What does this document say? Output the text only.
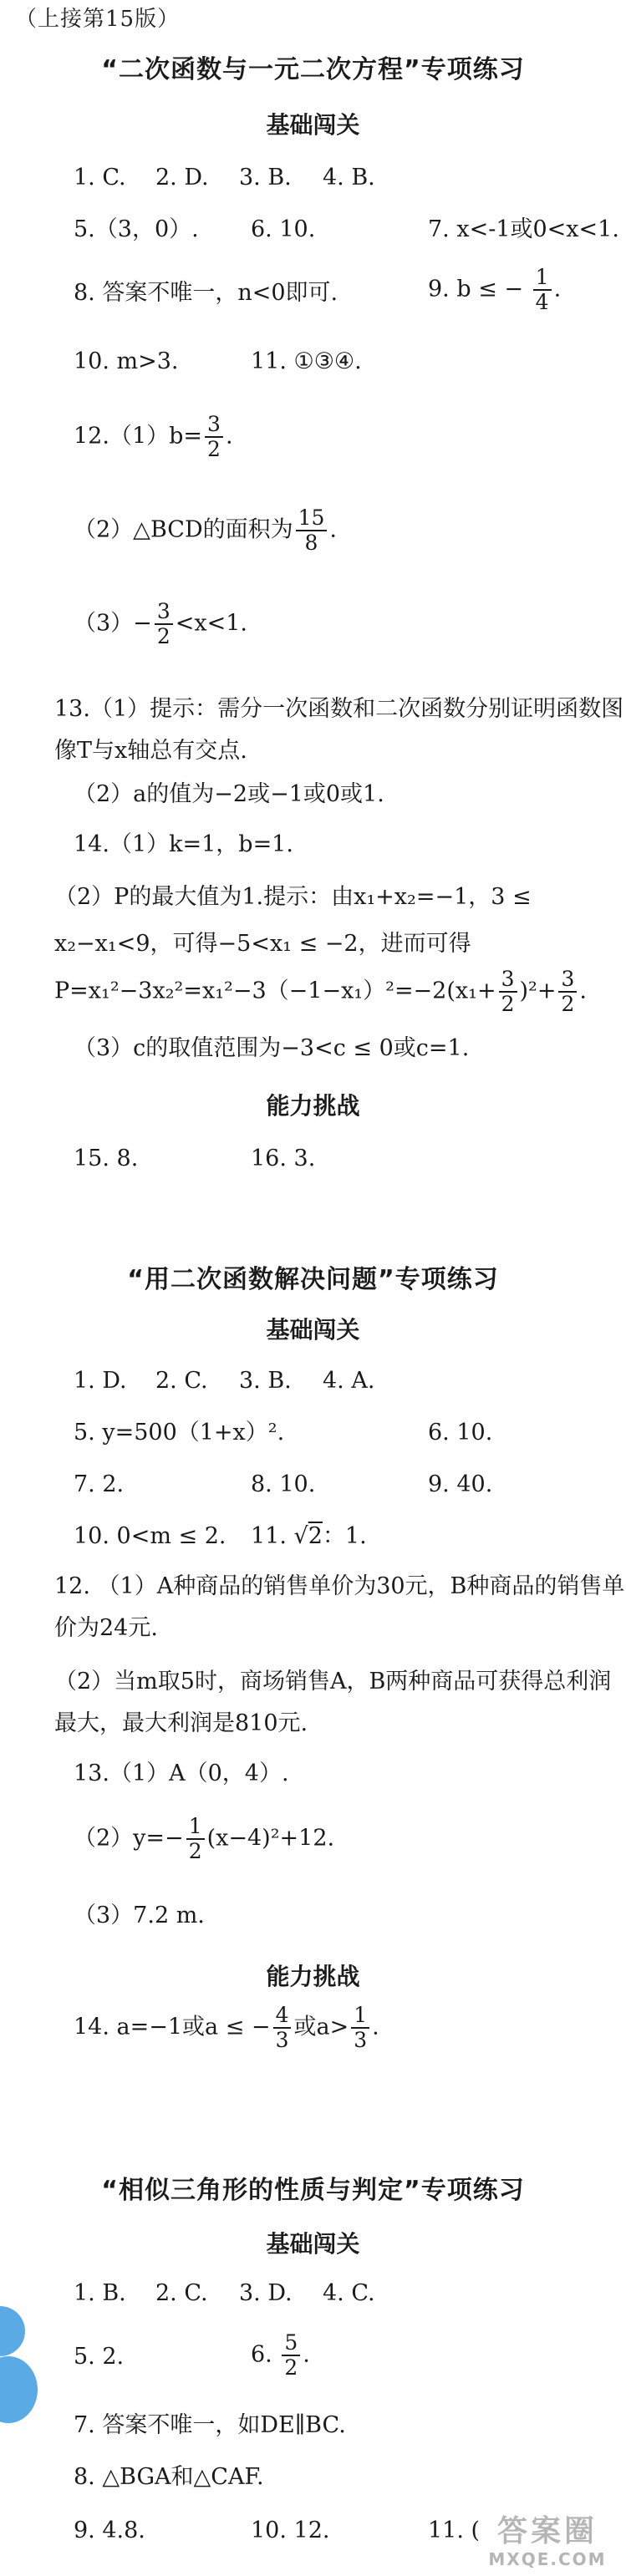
（上接第15版）
“二次函数与一元二次方程”专项练习
基础闯关
1. C. 2. D. 3. B. 4. B.
5.（3，0）. 6. 10.	7. x<-1或0<x<1.
8. 答案不唯一，n<0即可.	9. b ≤ − $\frac{1}{4}$ .
10. m>3.	11. ①③④.
$12.(1)b= \frac{3}{2}$ .
（2）△BCD的面积为 $\frac{15}{8}$ .
$(3)- \frac{3}{2} <x<1$.
13.（1）提示：需分一次函数和二次函数分别证明函数图像T与x轴总有交点.
（2）a的值为−2或−1或0或1.
14.（1）k=1，b=1.
（2）P的最大值为1.提示：由x₁+x₂=−1，3 ≤ x₂−x₁<9，可得−5<x₁ ≤ −2，进而可得$P=x_1^2-3x_2^2=x_1^2-3(-1-x_1)^2=-2(x_1+ \frac{3}{2} )^2+ \frac{3}{2}$ .
（3）c的取值范围为−3<c ≤ 0或c=1.
能力挑战
15. 8.	16. 3.
“用二次函数解决问题”专项练习
基础闯关
1. D. 2. C. 3. B. 4. A.
5. y=500（1+x）².	6. 10.
7. 2.	8. 10.	9. 40.
10. 0<m ≤ 2. 11. √2：1.
12. （1）A种商品的销售单价为30元，B种商品的销售单价为24元.
（2）当m取5时，商场销售A，B两种商品可获得总利润最大，最大利润是810元.
13.（1）A（0，4）.
$(2)y=- \frac{1}{2} (x-4)^2+12$.
（3）7.2 m.
能力挑战
14. a=−1或a ≤ − $\frac{4}{3}$ 或$a> \frac{1}{3}$ .
“相似三角形的性质与判定”专项练习
基础闯关
1. B. 2. C. 3. D. 4. C.
5. 2.	6. $\frac{5}{2}$ .
7. 答案不唯一，如DE∥BC.
8. △BGA和△CAF.
9. 4.8.	10. 12.	11. ( 答案圈
MXQE.COM
